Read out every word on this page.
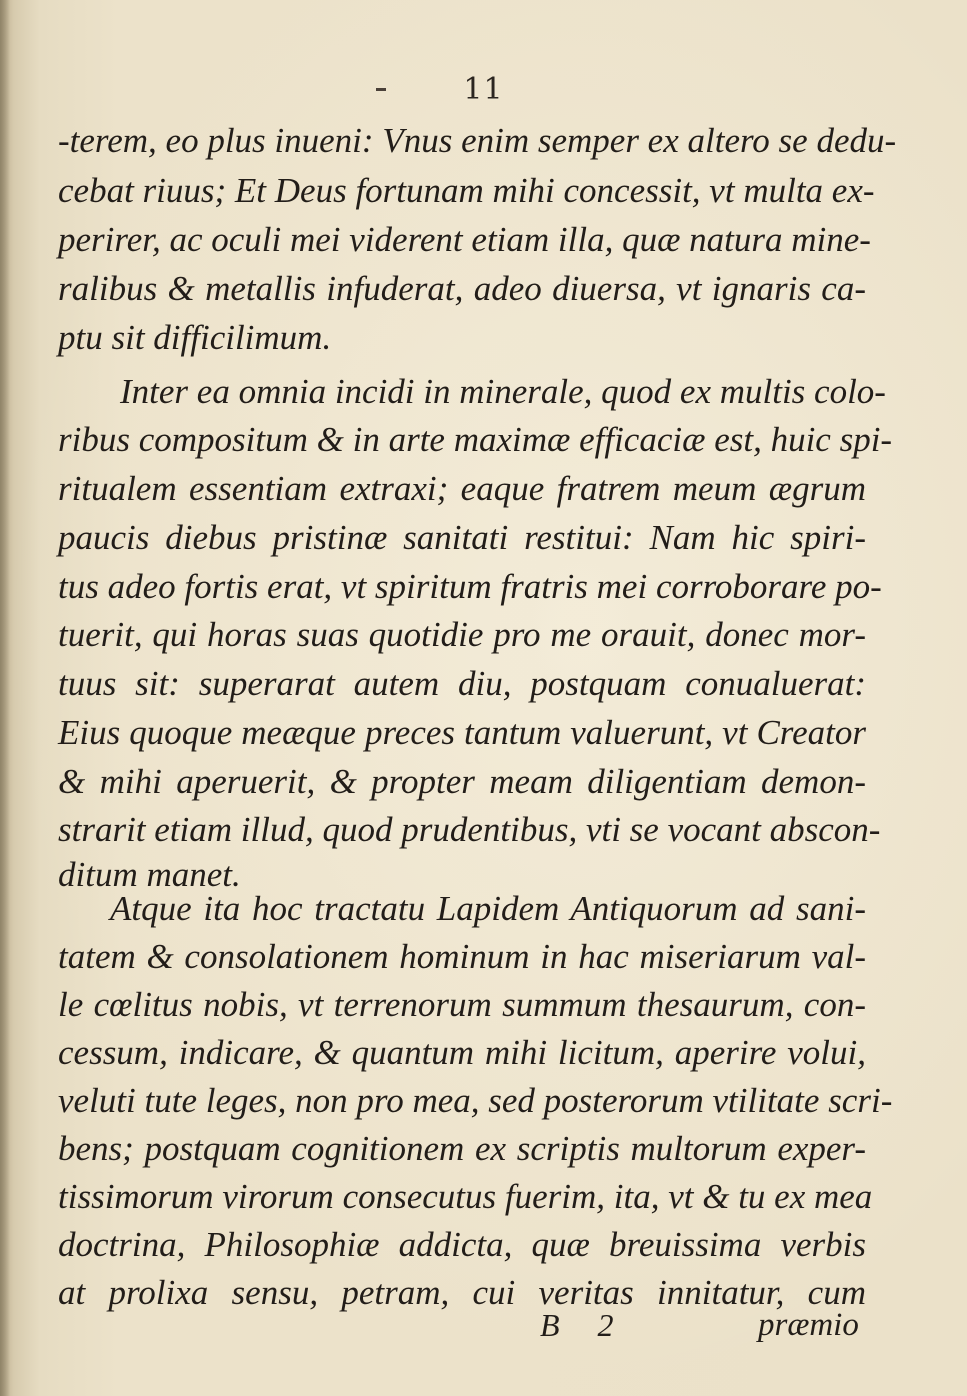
11
-terem, eo plus inueni: Vnus enim semper ex altero se dedu-
cebat riuus; Et Deus fortunam mihi concessit, vt multa ex-
perirer, ac oculi mei viderent etiam illa, quæ natura mine-
ralibus & metallis infuderat, adeo diuersa, vt ignaris ca-
ptu sit difficilimum.
Inter ea omnia incidi in minerale, quod ex multis colo-
ribus compositum & in arte maximæ efficaciæ est, huic spi-
ritualem essentiam extraxi; eaque fratrem meum ægrum
paucis diebus pristinæ sanitati restitui: Nam hic spiri-
tus adeo fortis erat, vt spiritum fratris mei corroborare po-
tuerit, qui horas suas quotidie pro me orauit, donec mor-
tuus sit: superarat autem diu, postquam conualuerat:
Eius quoque meæque preces tantum valuerunt, vt Creator
& mihi aperuerit, & propter meam diligentiam demon-
strarit etiam illud, quod prudentibus, vti se vocant abscon-
ditum manet.
Atque ita hoc tractatu Lapidem Antiquorum ad sani-
tatem & consolationem hominum in hac miseriarum val-
le cœlitus nobis, vt terrenorum summum thesaurum, con-
cessum, indicare, & quantum mihi licitum, aperire volui,
veluti tute leges, non pro mea, sed posterorum vtilitate scri-
bens; postquam cognitionem ex scriptis multorum exper-
tissimorum virorum consecutus fuerim, ita, vt & tu ex mea
doctrina, Philosophiæ addicta, quæ breuissima verbis
at prolixa sensu, petram, cui veritas innitatur, cum
B 2	præmio
